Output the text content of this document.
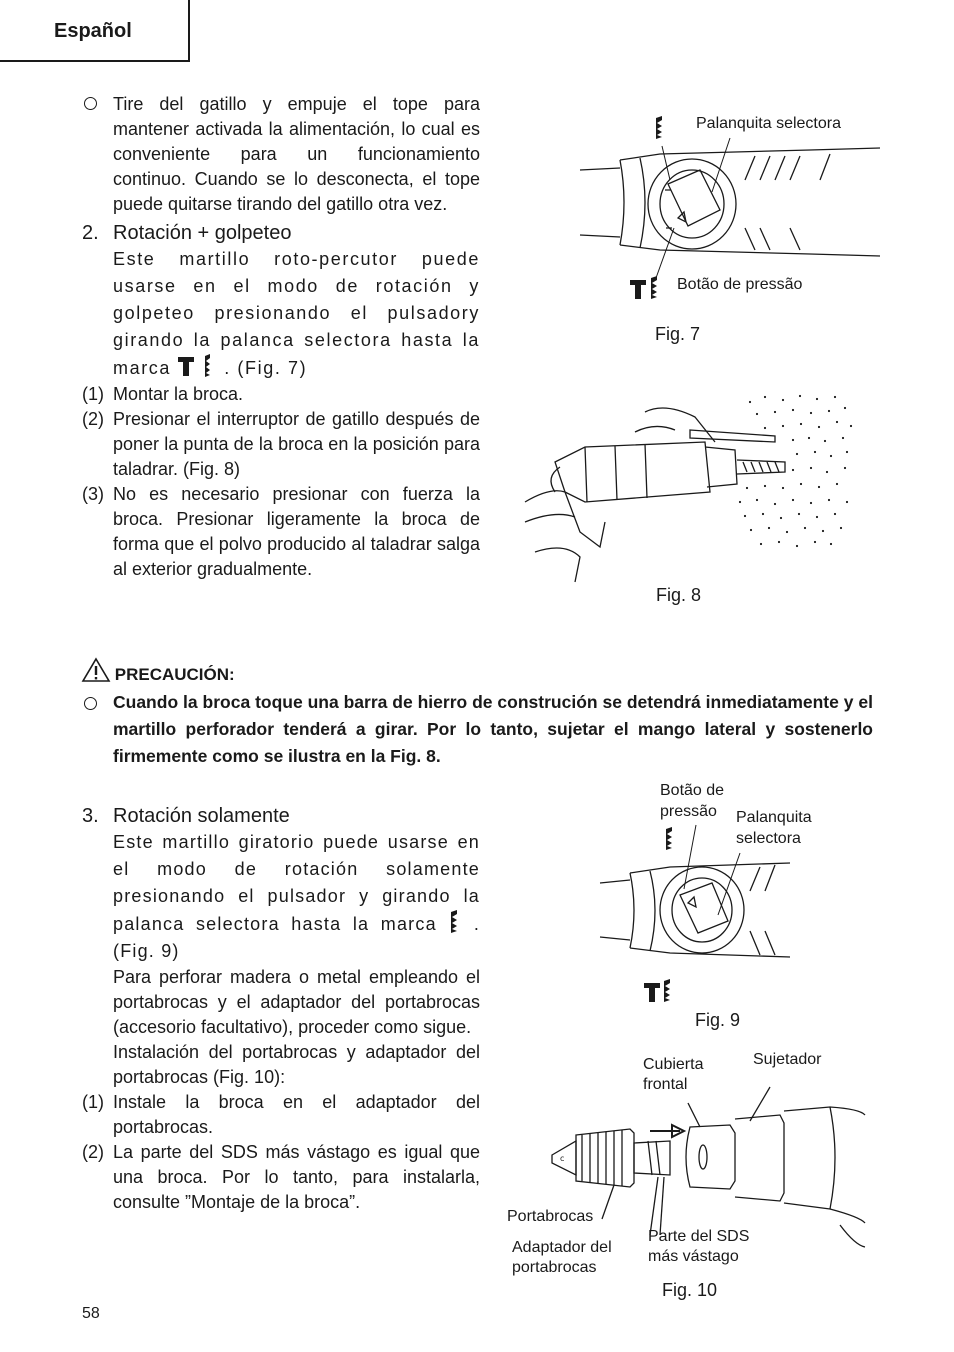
Español

Tire del gatillo y empuje el tope para mantener activada la alimentación, lo cual es conveniente para un funcionamiento continuo. Cuando se lo desconecta, el tope puede quitarse tirando del gatillo otra vez.

2. Rotación + golpeteo

Este martillo roto-percutor puede usarse en el modo de rotación y golpeteo presionando el pulsadory girando la palanca selectora hasta la marca	. (Fig. 7)

(1) Montar la broca.
(2) Presionar el interruptor de gatillo después de poner la punta de la broca en la posición para taladrar. (Fig. 8)
(3) No es necesario presionar con fuerza la broca. Presionar ligeramente la broca de forma que el polvo producido al taladrar salga al exterior gradualmente.
PRECAUCIÓN:
Cuando la broca toque una barra de hierro de construción se detendrá inmediatamente y el martillo perforador tenderá a girar. Por lo tanto, sujetar el mango lateral y sostenerlo firmemente como se ilustra en la Fig. 8.
3. Rotación solamente

Este martillo giratorio puede usarse en el modo de rotación solamente presionando el pulsador y girando la palanca selectora hasta la marca . (Fig. 9)

Para perforar madera o metal empleando el portabrocas y el adaptador del portabrocas (accesorio facultativo), proceder como sigue.

Instalación del portabrocas y adaptador del portabrocas (Fig. 10):

(1) Instale la broca en el adaptador del portabrocas.
(2) La parte del SDS más vástago es igual que una broca. Por lo tanto, para instalarla, consulte ”Montaje de la broca”.
Palanquita selectora
Botão de pressão
Fig. 7
Fig. 8
Botão de
pressão Palanquita
selectora
Fig. 9
c
Cubierta
frontal
Sujetador
Portabrocas
Adaptador del
portabrocas
Parte del SDS
más vástago
Fig. 10
58
